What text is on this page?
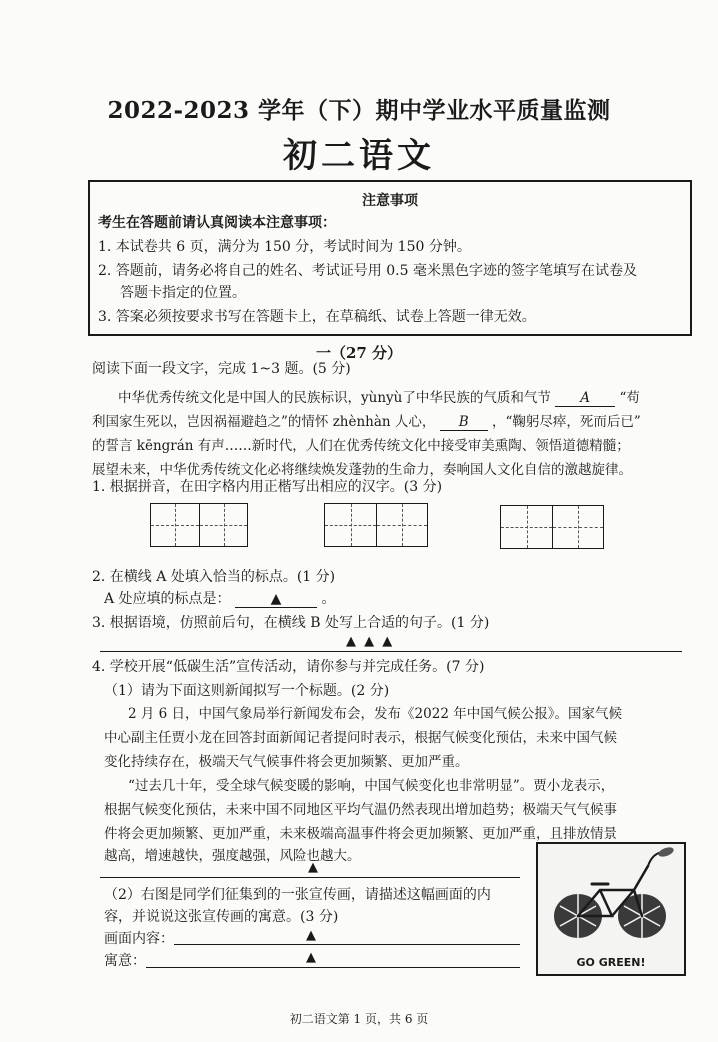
2022-2023 学年（下）期中学业水平质量监测
初二语文
注意事项
考生在答题前请认真阅读本注意事项：
1. 本试卷共 6 页，满分为 150 分，考试时间为 150 分钟。
2. 答题前，请务必将自己的姓名、考试证号用 0.5 毫米黑色字迹的签字笔填写在试卷及
答题卡指定的位置。
3. 答案必须按要求书写在答题卡上，在草稿纸、试卷上答题一律无效。
一（27 分）
阅读下面一段文字，完成 1~3 题。(5 分)
中华优秀传统文化是中国人的民族标识，yùnyù了中华民族的气质和气节 A “苟
利国家生死以，岂因祸福避趋之”的情怀 zhènhàn 人心， B ，“鞠躬尽瘁，死而后已”
的誓言 kēngrán 有声……新时代，人们在优秀传统文化中接受审美熏陶、领悟道德精髓；
展望未来，中华优秀传统文化必将继续焕发蓬勃的生命力，奏响国人文化自信的激越旋律。
1. 根据拼音，在田字格内用正楷写出相应的汉字。(3 分)
2. 在横线 A 处填入恰当的标点。(1 分)
A 处应填的标点是：	▲	。
3. 根据语境，仿照前后句，在横线 B 处写上合适的句子。(1 分)
▲ ▲ ▲
4. 学校开展“低碳生活”宣传活动，请你参与并完成任务。(7 分)
（1）请为下面这则新闻拟写一个标题。(2 分)
2 月 6 日，中国气象局举行新闻发布会，发布《2022 年中国气候公报》。国家气候
中心副主任贾小龙在回答封面新闻记者提问时表示，根据气候变化预估，未来中国气候
变化持续存在，极端天气气候事件将会更加频繁、更加严重。
“过去几十年，受全球气候变暖的影响，中国气候变化也非常明显”。贾小龙表示，
根据气候变化预估，未来中国不同地区平均气温仍然表现出增加趋势；极端天气气候事
件将会更加频繁、更加严重，未来极端高温事件将会更加频繁、更加严重，且排放情景
越高，增速越快，强度越强，风险也越大。
▲
（2）右图是同学们征集到的一张宣传画，请描述这幅画面的内
容，并说说这张宣传画的寓意。(3 分)
画面内容：	▲
寓意：	▲	GO GREEN!
初二语文第 1 页，共 6 页
